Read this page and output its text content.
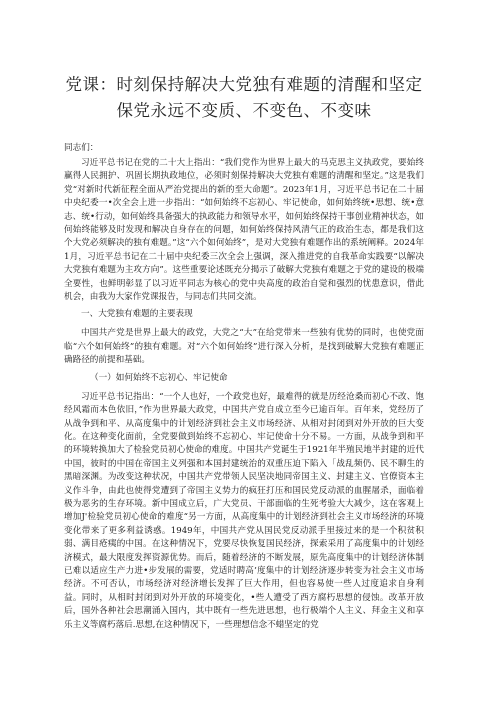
党课：时刻保持解决大党独有难题的清醒和坚定
保党永远不变质、不变色、不变味

同志们：

习近平总书记在党的二十大上指出：“我们党作为世界上最大的马克思主义执政党，要始终赢得人民拥护、巩固长期执政地位，必须时刻保持解决大党独有难题的清醒和坚定。”这是我们党“对新时代新征程全面从严治党提出的新的至大命题”。2023年1月，习近平总书记在二十届中央纪委一•次全会上进一步指出：“如何始终不忘初心、牢记使命，如何始终统•思想、统•意志、统•行动，如何始终具备强大的执政能力和领导水平，如何始终保持干事创业精神状态，如何始终能够及时发现和解决自身存在的问题，如何始终保持风清气正的政治生态，都是我们这个大党必须解决的独有难题。”这“六个如何始终”，是对大党独有难题作出的系统阐释。2024年1月，习近平总书记在二十届中央纪委三次全会上强调，深入推进党的自我革命实践要“以解决大党独有难题为主攻方向”。这些重要论述既充分揭示了破解大党独有难题之于党的建设的极端全要性，也鲜明彰显了以习近平同志为核心的党中央高度的政治自觉和强烈的忧患意识，借此机会，由我为大家作党课报告，与同志们共同交流。

一、大党独有难题的主要表现

中国共产党是世界上最大的政党，大党之“大”在给党带来一些独有优势的同时，也使党面临“六个如何始终”的独有难题。对“六个如何始终”进行深入分析，是找到破解大党独有难题正确路径的前提和基础。

（一）如何始终不忘初心、牢记使命

习近平总书记指出：“一个人也好，一个政党也好，最难得的就是历经沧桑而初心不改、饱经风霜而本色依旧，”作为世界最大政党，中国共产党自成立至今已逾百年。百年来，党经历了从战争到和平、从高度集中的计划经济到社会主义市场经济、从相对封闭到对外开放的巨大变化。在这种变化面前，全党要做到始终不忘初心、牢记使命十分不易。一方面，从战争到和平的环境转换加大了检验党员初心使命的难度。中国共产党诞生于1921年半殖民地半封建的近代中国，彼时的中国在帝国主义列强和本国封建统治的双重压迫下陷入「战乱频仍、民不聊生的黑暗深渊。为改变这种状况，中国共产党带领人民坚决地同帝国主义、封建主义、官僚资本主义作斗争，由此也使得党遭到了帝国主义势力的疯狂打压和国民党反动派的血腥屠杀，面临着极为恶劣的生存环境。新中国成立后，广大党员、干部面临的生死考验大大减少，这在客观上增加J'检验党员初心使命的难度“另一方面，从高度集中的计划经济到社会主义市场经济的环境变化带来了更多利益诱惑。1949年，中国共产党从国民党反动派手里接过来的是一个积贫积弱、满目疮痍的中国。在这种情况下，党要尽快恢复国民经济，探索采用了高度集中的计划经济模式，最大限度发挥资源优势。而后，随着经济的不断发展，原先高度集中的计划经济体制已难以适应生产力进•步发展的需要，党适时聘高’度集中的计划经济逐步转变为社会主义市场经济。不可否认，市场经济对经济增长发挥了巨大作用，但也容易使一些人过度追求自身利益。同时，从相时封闭到对外开放的环境变化，•些人遭受了西方腐朽思想的侵蚀。改革开放后，国外各种社会思潮涌入国内，其中既有一些先进思想，也行极端个人主义、拜金主义和享乐主义等腐朽落后.思想,在这种情况下，一些理想信念不蜡坚定的党
